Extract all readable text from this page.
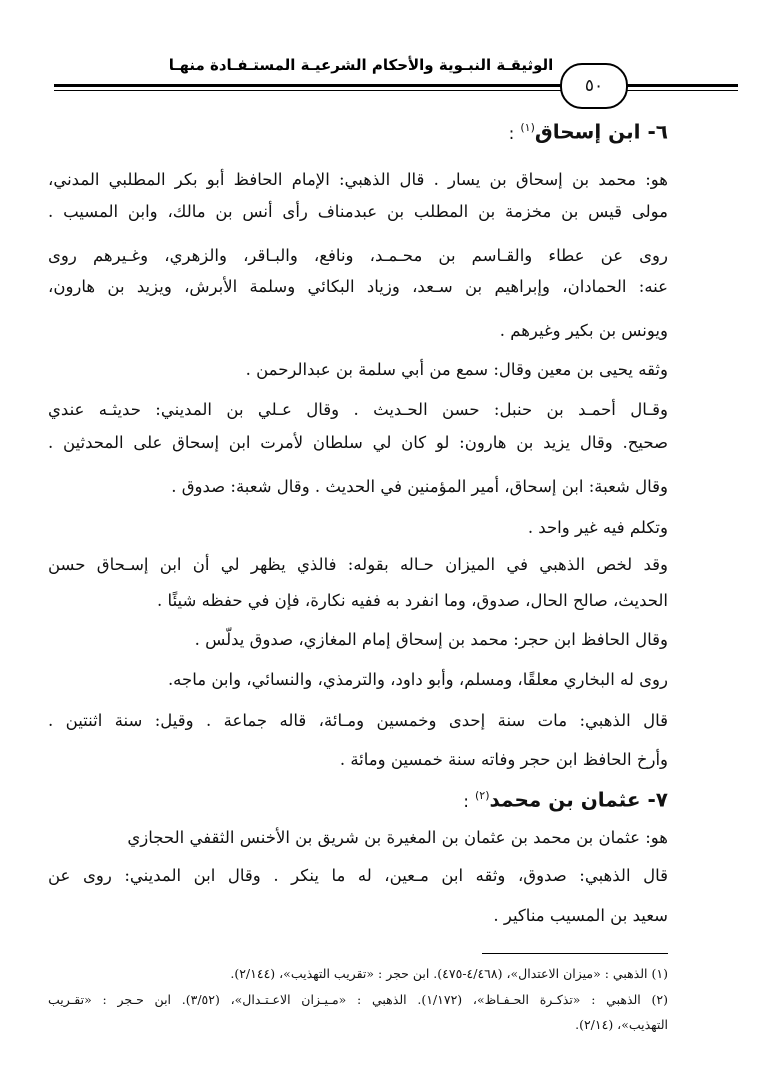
الوثيقـة النبـوية والأحكام الشرعيـة المستـفـادة منهـا
٥٠
٦- ابن إسحاق$^{(١)}$:
هو: محمد بن إسحاق بن يسار . قال الذهبي: الإمام الحافظ أبو بكر المطلبي المدني،
مولى قيس بن مخزمة بن المطلب بن عبدمناف رأى أنس بن مالك، وابن المسيب .
روى عن عطاء والقـاسم بن محـمـد، ونافع، والبـاقر، والزهري، وغـيرهم روى
عنه: الحمادان، وإبراهيم بن سـعد، وزياد البكائي وسلمة الأبرش، ويزيد بن هارون،
ويونس بن بكير وغيرهم .
وثقه يحيى بن معين وقال: سمع من أبي سلمة بن عبدالرحمن .
وقـال أحمـد بن حنبل: حسن الحـديث . وقال عـلي بن المديني: حديثـه عندي
صحيح. وقال يزيد بن هارون: لو كان لي سلطان لأمرت ابن إسحاق على المحدثين .
وقال شعبة: ابن إسحاق، أمير المؤمنين في الحديث . وقال شعبة: صدوق .
وتكلم فيه غير واحد .
وقد لخص الذهبي في الميزان حـاله بقوله: فالذي يظهر لي أن ابن إسـحاق حسن
الحديث، صالح الحال، صدوق، وما انفرد به ففيه نكارة، فإن في حفظه شيئًا .
وقال الحافظ ابن حجر: محمد بن إسحاق إمام المغازي، صدوق يدلّس .
روى له البخاري معلقًا، ومسلم، وأبو داود، والترمذي، والنسائي، وابن ماجه.
قال الذهبي: مات سنة إحدى وخمسين ومـائة، قاله جماعة . وقيل: سنة اثنتين .
وأرخ الحافظ ابن حجر وفاته سنة خمسين ومائة .
٧- عثمان بن محمد$^{(٢)}$:
هو: عثمان بن محمد بن عثمان بن المغيرة بن شريق بن الأخنس الثقفي الحجازي
قال الذهبي: صدوق، وثقه ابن مـعين، له ما ينكر . وقال ابن المديني: روى عن
سعيد بن المسيب مناكير .
(١) الذهبي : «ميزان الاعتدال»، (٤/٤٦٨-٤٧٥). ابن حجر : «تقريب التهذيب»، (٢/١٤٤).
(٢) الذهبي : «تذكـرة الحـفـاظ»، (١/١٧٢). الذهبي : «مـيـزان الاعـتـدال»، (٣/٥٢). ابن حـجر : «تقـريب
التهذيب»، (٢/١٤).
